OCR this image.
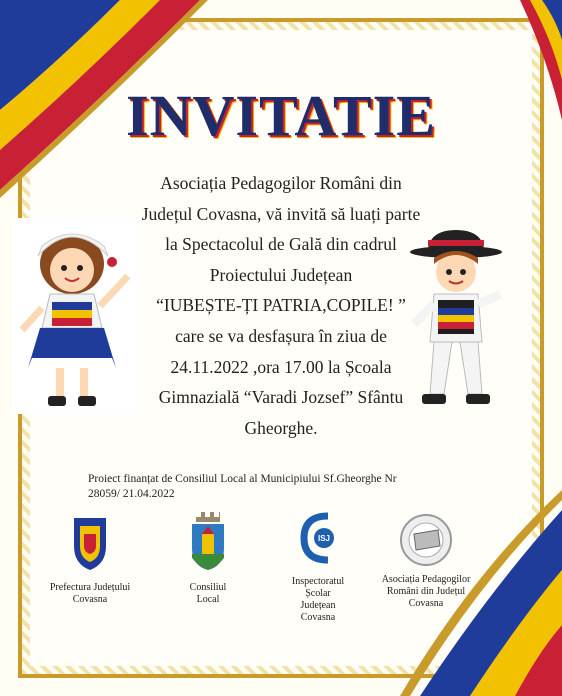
INVITATIE
Asociația Pedagogilor Români din
Județul Covasna, vă invită să luați parte
la Spectacolul de Gală din cadrul
Proiectului Județean
“IUBEȘTE-ȚI PATRIA,COPILE! ”
care se va desfașura în ziua de
24.11.2022 ,ora 17.00 la Școala
Gimnazială “Varadi Jozsef” Sfântu
Gheorghe.
Proiect finanțat de Consiliul Local al Municipiului Sf.Gheorghe Nr
28059/ 21.04.2022
Prefectura Județului
Covasna
Consiliul
Local
ISJ
Inspectoratul
Școlar
Județean
Covasna
Asociația Pedagogilor
Români din Județul
Covasna
